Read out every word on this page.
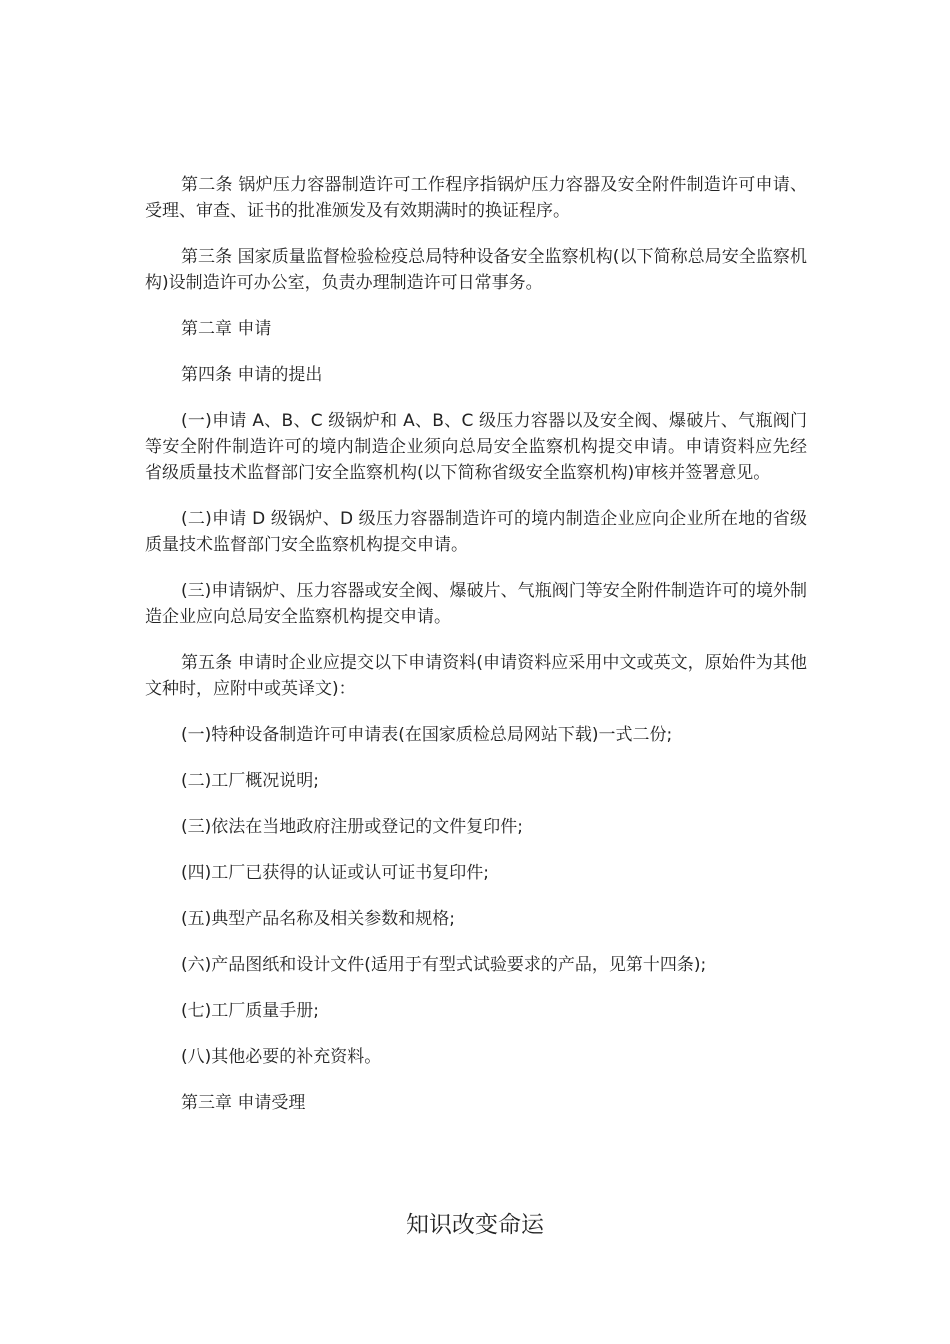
第二条 锅炉压力容器制造许可工作程序指锅炉压力容器及安全附件制造许可申请、受理、审查、证书的批准颁发及有效期满时的换证程序。

第三条 国家质量监督检验检疫总局特种设备安全监察机构(以下简称总局安全监察机构)设制造许可办公室，负责办理制造许可日常事务。

第二章 申请

第四条 申请的提出

(一)申请 A、B、C 级锅炉和 A、B、C 级压力容器以及安全阀、爆破片、气瓶阀门等安全附件制造许可的境内制造企业须向总局安全监察机构提交申请。申请资料应先经省级质量技术监督部门安全监察机构(以下简称省级安全监察机构)审核并签署意见。

(二)申请 D 级锅炉、D 级压力容器制造许可的境内制造企业应向企业所在地的省级质量技术监督部门安全监察机构提交申请。

(三)申请锅炉、压力容器或安全阀、爆破片、气瓶阀门等安全附件制造许可的境外制造企业应向总局安全监察机构提交申请。

第五条 申请时企业应提交以下申请资料(申请资料应采用中文或英文，原始件为其他文种时，应附中或英译文)：

(一)特种设备制造许可申请表(在国家质检总局网站下载)一式二份;

(二)工厂概况说明;

(三)依法在当地政府注册或登记的文件复印件;

(四)工厂已获得的认证或认可证书复印件;

(五)典型产品名称及相关参数和规格;

(六)产品图纸和设计文件(适用于有型式试验要求的产品，见第十四条);

(七)工厂质量手册;

(八)其他必要的补充资料。

第三章 申请受理

知识改变命运
